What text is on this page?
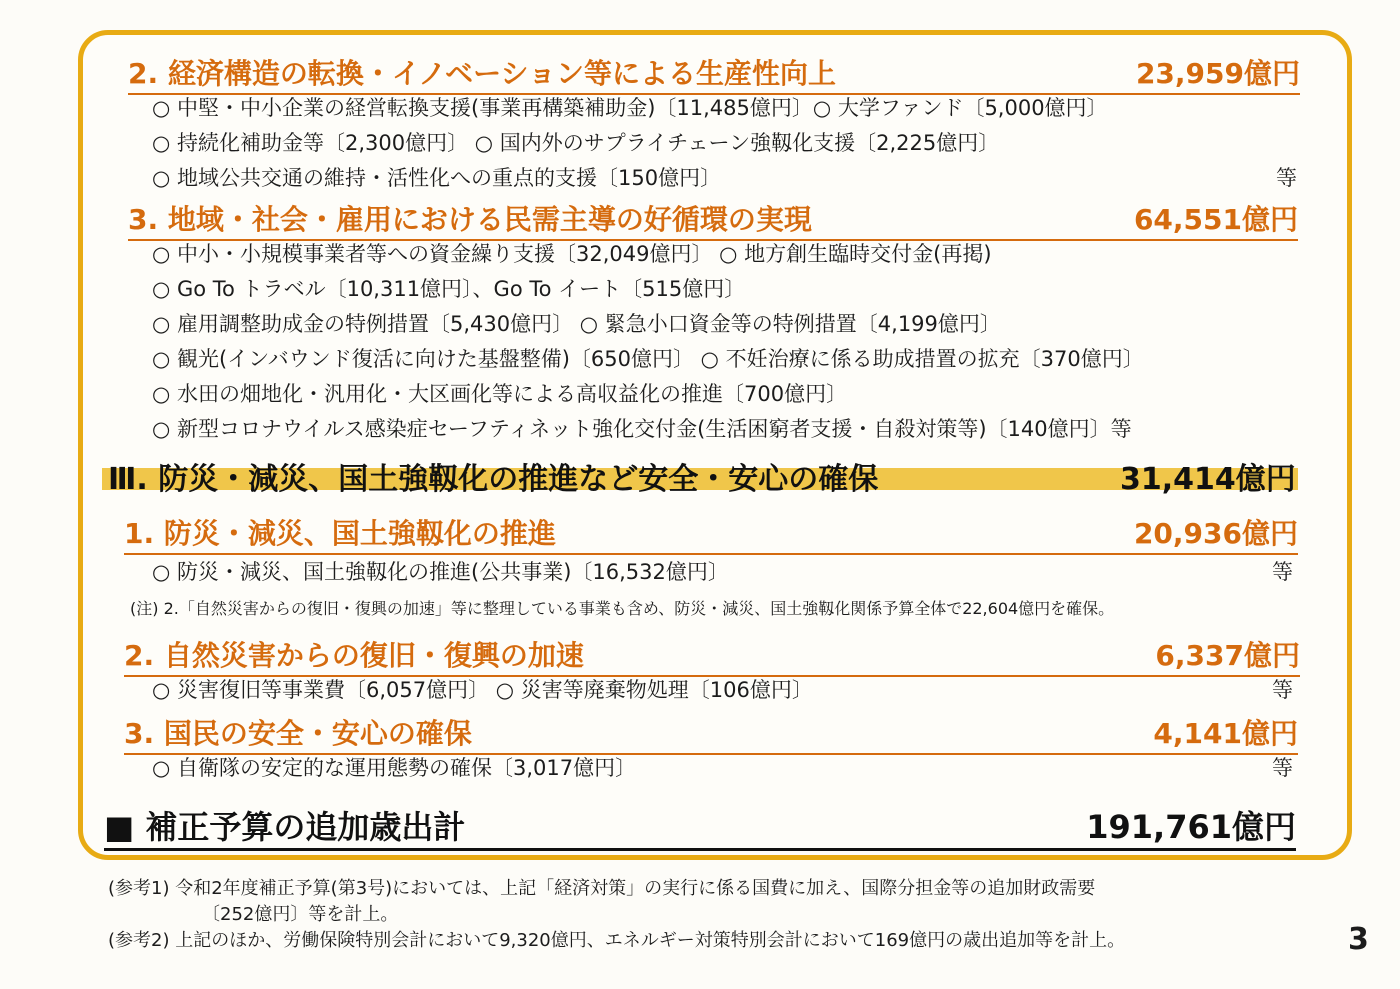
2. 経済構造の転換・イノベーション等による生産性向上	23,959億円
○ 中堅・中小企業の経営転換支援(事業再構築補助金)〔11,485億円〕○ 大学ファンド〔5,000億円〕
○ 持続化補助金等〔2,300億円〕 ○ 国内外のサプライチェーン強靱化支援〔2,225億円〕
○ 地域公共交通の維持・活性化への重点的支援〔150億円〕	等
3. 地域・社会・雇用における民需主導の好循環の実現	64,551億円
○ 中小・小規模事業者等への資金繰り支援〔32,049億円〕 ○ 地方創生臨時交付金(再掲)
○ Go To トラベル〔10,311億円〕、Go To イート〔515億円〕
○ 雇用調整助成金の特例措置〔5,430億円〕 ○ 緊急小口資金等の特例措置〔4,199億円〕
○ 観光(インバウンド復活に向けた基盤整備)〔650億円〕 ○ 不妊治療に係る助成措置の拡充〔370億円〕
○ 水田の畑地化・汎用化・大区画化等による高収益化の推進〔700億円〕
○ 新型コロナウイルス感染症セーフティネット強化交付金(生活困窮者支援・自殺対策等)〔140億円〕等
Ⅲ. 防災・減災、国土強靱化の推進など安全・安心の確保	31,414億円
1. 防災・減災、国土強靱化の推進	20,936億円
○ 防災・減災、国土強靱化の推進(公共事業)〔16,532億円〕	等
(注) 2.「自然災害からの復旧・復興の加速」等に整理している事業も含め、防災・減災、国土強靱化関係予算全体で22,604億円を確保。
2. 自然災害からの復旧・復興の加速	6,337億円
○ 災害復旧等事業費〔6,057億円〕 ○ 災害等廃棄物処理〔106億円〕	等
3. 国民の安全・安心の確保	4,141億円
○ 自衛隊の安定的な運用態勢の確保〔3,017億円〕	等
■ 補正予算の追加歳出計	191,761億円
(参考1) 令和2年度補正予算(第3号)においては、上記「経済対策」の実行に係る国費に加え、国際分担金等の追加財政需要
〔252億円〕等を計上。
(参考2) 上記のほか、労働保険特別会計において9,320億円、エネルギー対策特別会計において169億円の歳出追加等を計上。	3
